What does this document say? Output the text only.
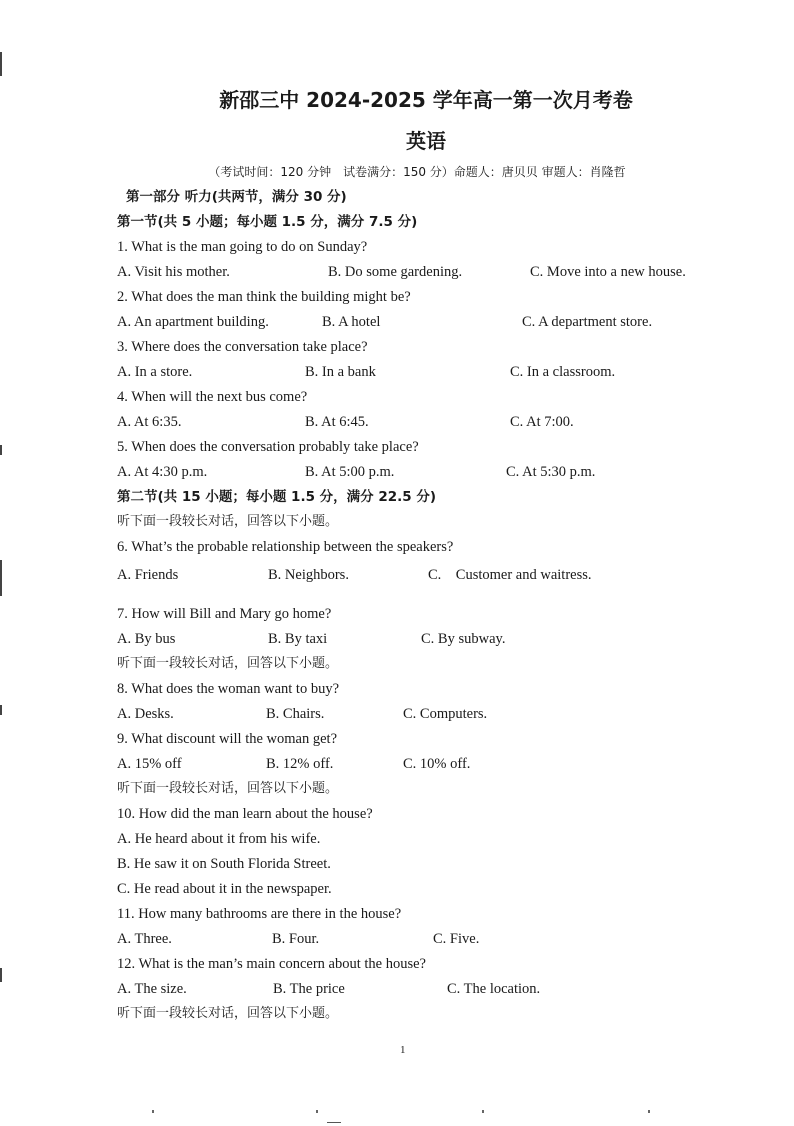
新邵三中 2024-2025 学年高一第一次月考卷
英语
（考试时间：120 分钟　试卷满分：150 分）命题人：唐贝贝 审题人：肖隆哲
第一部分 听力(共两节，满分 30 分)
第一节(共 5 小题；每小题 1.5 分，满分 7.5 分)
1. What is the man going to do on Sunday?
A. Visit his mother.	B. Do some gardening.	C. Move into a new house.
2. What does the man think the building might be?
A. An apartment building.	B. A hotel	C. A department store.
3. Where does the conversation take place?
A. In a store.	B. In a bank	C. In a classroom.
4. When will the next bus come?
A. At 6:35.	B. At 6:45.	C. At 7:00.
5. When does the conversation probably take place?
A. At 4:30 p.m.	B. At 5:00 p.m.	C. At 5:30 p.m.
第二节(共 15 小题；每小题 1.5 分，满分 22.5 分)
听下面一段较长对话，回答以下小题。
6. What’s the probable relationship between the speakers?
A. Friends	B. Neighbors.	C.    Customer and waitress.
7. How will Bill and Mary go home?
A. By bus	B. By taxi	C. By subway.
听下面一段较长对话，回答以下小题。
8. What does the woman want to buy?
A. Desks.	B. Chairs.	C. Computers.
9. What discount will the woman get?
A. 15% off	B. 12% off.	C. 10% off.
听下面一段较长对话，回答以下小题。
10. How did the man learn about the house?
A. He heard about it from his wife.
B. He saw it on South Florida Street.
C. He read about it in the newspaper.
11. How many bathrooms are there in the house?
A. Three.	B. Four.	C. Five.
12. What is the man’s main concern about the house?
A. The size.	B. The price	C. The location.
听下面一段较长对话，回答以下小题。
1
